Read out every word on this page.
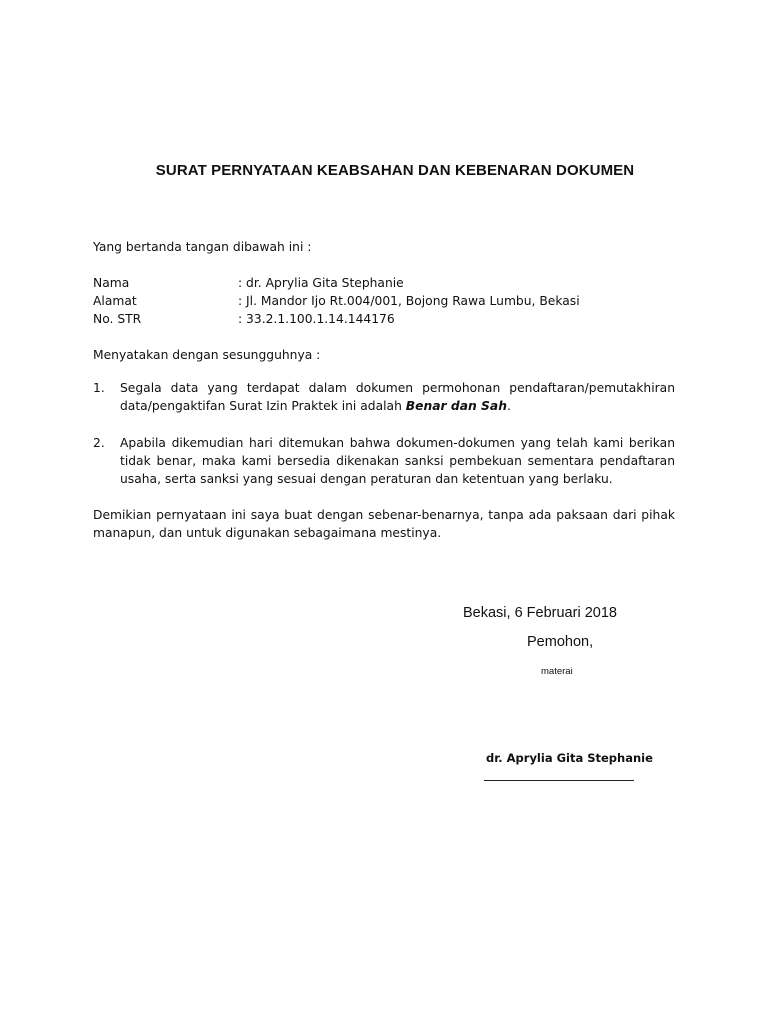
SURAT PERNYATAAN KEABSAHAN DAN KEBENARAN DOKUMEN
Yang bertanda tangan dibawah ini :
Nama	: dr. Aprylia Gita Stephanie
Alamat	: Jl. Mandor Ijo Rt.004/001, Bojong Rawa Lumbu, Bekasi
No. STR	: 33.2.1.100.1.14.144176
Menyatakan dengan sesungguhnya :
1. Segala data yang terdapat dalam dokumen permohonan pendaftaran/pemutakhiran data/pengaktifan Surat Izin Praktek ini adalah Benar dan Sah.
2. Apabila dikemudian hari ditemukan bahwa dokumen-dokumen yang telah kami berikan tidak benar, maka kami bersedia dikenakan sanksi pembekuan sementara pendaftaran usaha, serta sanksi yang sesuai dengan peraturan dan ketentuan yang berlaku.
Demikian pernyataan ini saya buat dengan sebenar-benarnya, tanpa ada paksaan dari pihak manapun, dan untuk digunakan sebagaimana mestinya.
Bekasi, 6 Februari 2018
Pemohon,
materai
dr. Aprylia Gita Stephanie
